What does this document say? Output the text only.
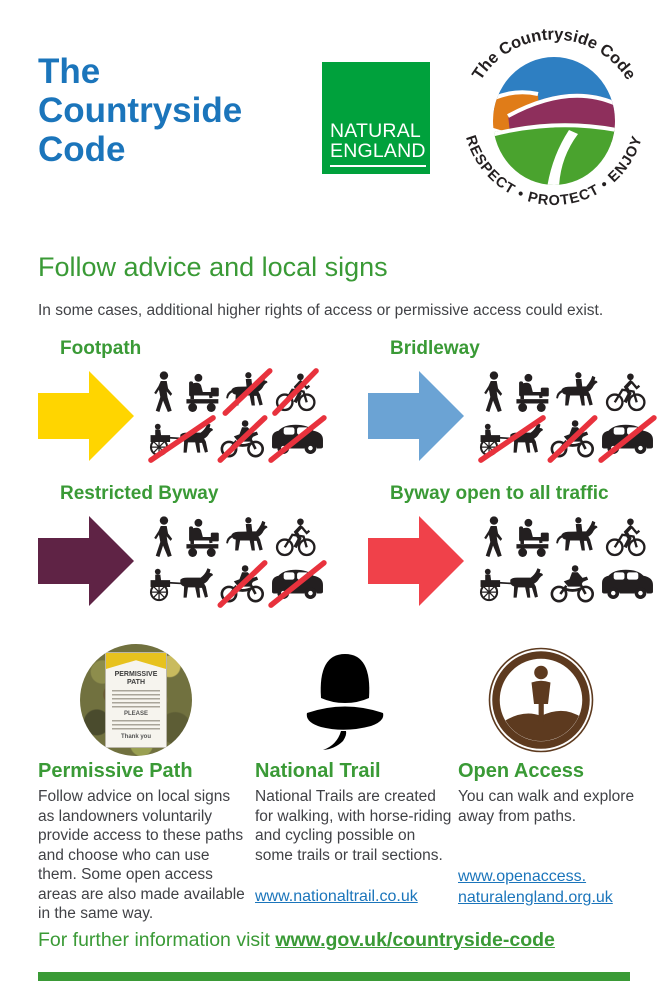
The
Countryside
Code	NATURAL
ENGLAND
The Countryside Code
RESPECT • PROTECT • ENJOY
Follow advice and local signs
In some cases, additional higher rights of access or permissive access could exist.
Footpath	Bridleway
Restricted Byway	Byway open to all traffic
PERMISSIVE
PATH
PLEASE
Thank you
Permissive Path	National Trail	Open Access
Follow advice on local signs as landowners voluntarily provide access to these paths and choose who can use them. Some open access areas are also made available in the same way.
National Trails are created for walking, with horse-riding and cycling possible on some trails or trail sections.
You can walk and explore away from paths.
www.nationaltrail.co.uk
www.openaccess.
naturalengland.org.uk
For further information visit www.gov.uk/countryside-code
